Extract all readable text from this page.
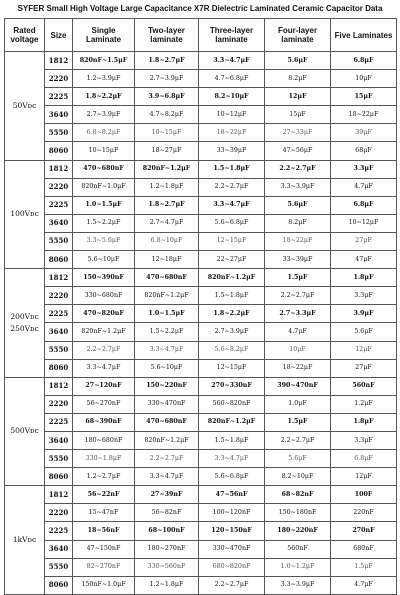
SYFER Small High Voltage Large Capacitance X7R Dielectric Laminated Ceramic Capacitor Data
Rated voltage	Size	Single Laminate	Two-layer laminate	Three-layer laminate	Four-layer laminate	Five Laminates
50Vᴅᴄ	1812	820nF~1.5μF	1.8~2.7μF	3.3~4.7μF	5.6μF	6.8μF
	2220	1.2~3.9μF	2.7~3.9μF	4.7~6.8μF	8.2μF	10μF
	2225	1.8~2.2μF	3.9~6.8μF	8.2~10μF	12μF	15μF
	3640	2.7~3.9μF	4.7~8.2μF	10~12μF	15μF	18~22μF
	5550	6.8~8.2μF	10~15μF	18~22μF	27~33μF	39μF
	8060	10~15μF	18~27μF	33~39μF	47~56μF	68μF
100Vᴅᴄ	1812	470~680nF	820nF~1.2μF	1.5~1.8μF	2.2~2.7μF	3.3μF
	2220	820nF~1.0μF	1.2~1.8μF	2.2~2.7μF	3.3~3.9μF	4.7μF
	2225	1.0~1.5μF	1.8~2.7μF	3.3~4.7μF	5.6μF	6.8μF
	3640	1.5~2.2μF	2.7~4.7μF	5.6~6.8μF	8.2μF	10~12μF
	5550	3.3~5.6μF	6.8~10μF	12~15μF	18~22μF	27μF
	8060	5.6~10μF	12~18μF	22~27μF	33~39μF	47μF
200Vᴅᴄ 250Vᴅᴄ	1812	150~390nF	470~680nF	820nF~1.2μF	1.5μF	1.8μF
	2220	330~680nF	820nF~1.2μF	1.5~1.8μF	2.2~2.7μF	3.3μF
	2225	470~820nF	1.0~1.5μF	1.8~2.2μF	2.7~3.3μF	3.9μF
	3640	820nF~1.2μF	1.5~2.2μF	2.7~3.9μF	4.7μF	5.6μF
	5550	2.2~2.7μF	3.3~4.7μF	5.6~8.2μF	10μF	12μF
	8060	3.3~4.7μF	5.6~10μF	12~15μF	18~22μF	27μF
500Vᴅᴄ	1812	27~120nF	150~220nF	270~330nF	390~470nF	560nF
	2220	56~270nF	330~470nF	560~820nF	1.0μF	1.2μF
	2225	68~390nF	470~680nF	820nF~1.2μF	1.5μF	1.8μF
	3640	180~680nF	820nF~1.2μF	1.5~1.8μF	2.2~2.7μF	3.3μF
	5550	330~1.8μF	2.2~2.7μF	3.3~4.7μF	5.6μF	6.8μF
	8060	1.2~2.7μF	3.3~4.7μF	5.6~6.8μF	8.2~10μF	12μF
1kVᴅᴄ	1812	56~22nF	27~39nF	47~56nF	68~82nF	100F
	2220	15~47nF	56~82nF	100~120nF	150~180nF	220nF
	2225	18~56nF	68~100nF	120~150nF	180~220nF	270nF
	3640	47~150nF	180~270nF	330~470nF	560nF	680nF
	5550	82~270nF	330~560nF	680~820nF	1.0~1.2μF	1.5μF
	8060	150nF~1.0μF	1.2~1.8μF	2.2~2.7μF	3.3~3.9μF	4.7μF
